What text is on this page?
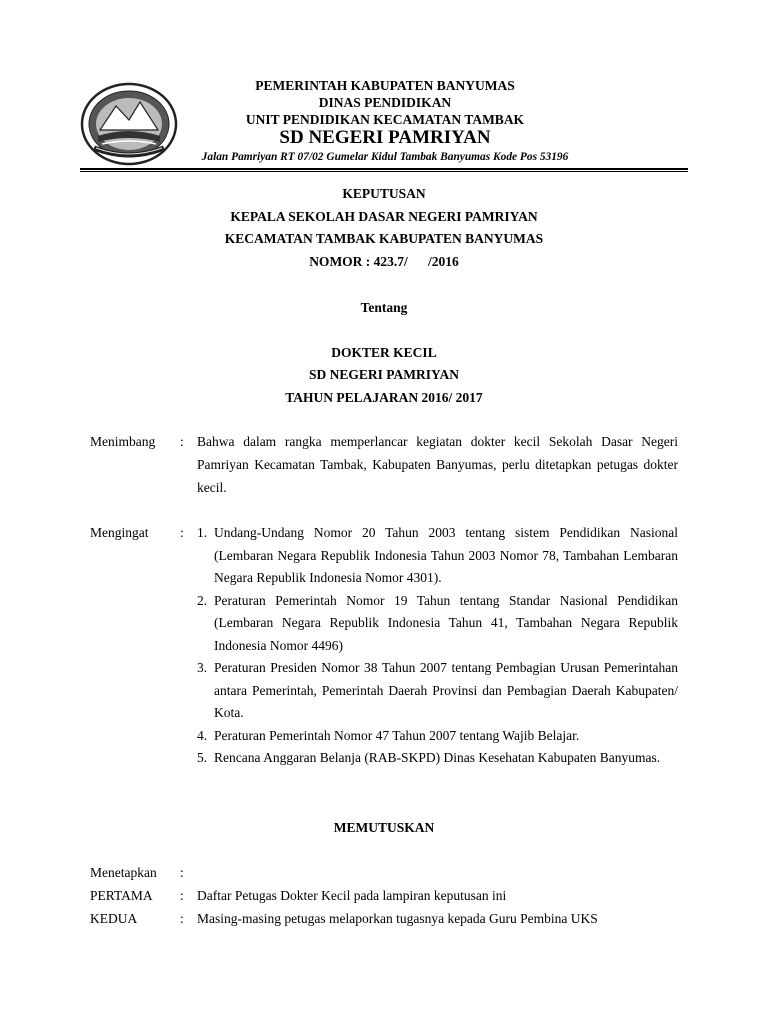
PEMERINTAH KABUPATEN BANYUMAS
DINAS PENDIDIKAN
UNIT PENDIDIKAN KECAMATAN TAMBAK
SD NEGERI PAMRIYAN
Jalan Pamriyan RT 07/02 Gumelar Kidul Tambak Banyumas Kode Pos 53196
KEPUTUSAN
KEPALA SEKOLAH DASAR NEGERI PAMRIYAN
KECAMATAN TAMBAK KABUPATEN BANYUMAS
NOMOR : 423.7/      /2016
Tentang
DOKTER KECIL
SD NEGERI PAMRIYAN
TAHUN PELAJARAN 2016/ 2017
Menimbang : Bahwa dalam rangka memperlancar kegiatan dokter kecil Sekolah Dasar Negeri Pamriyan Kecamatan Tambak, Kabupaten Banyumas, perlu ditetapkan petugas dokter kecil.

Mengingat : 1. Undang-Undang Nomor 20 Tahun 2003 tentang sistem Pendidikan Nasional (Lembaran Negara Republik Indonesia Tahun 2003 Nomor 78, Tambahan Lembaran Negara Republik Indonesia Nomor 4301).
2. Peraturan Pemerintah Nomor 19 Tahun tentang Standar Nasional Pendidikan (Lembaran Negara Republik Indonesia Tahun 41, Tambahan Negara Republik Indonesia Nomor 4496)
3. Peraturan Presiden Nomor 38 Tahun 2007 tentang Pembagian Urusan Pemerintahan antara Pemerintah, Pemerintah Daerah Provinsi dan Pembagian Daerah Kabupaten/ Kota.
4. Peraturan Pemerintah Nomor 47 Tahun 2007 tentang Wajib Belajar.
5. Rencana Anggaran Belanja (RAB-SKPD) Dinas Kesehatan Kabupaten Banyumas.
MEMUTUSKAN
Menetapkan :
PERTAMA : Daftar Petugas Dokter Kecil pada lampiran keputusan ini
KEDUA	: Masing-masing petugas melaporkan tugasnya kepada Guru Pembina UKS
